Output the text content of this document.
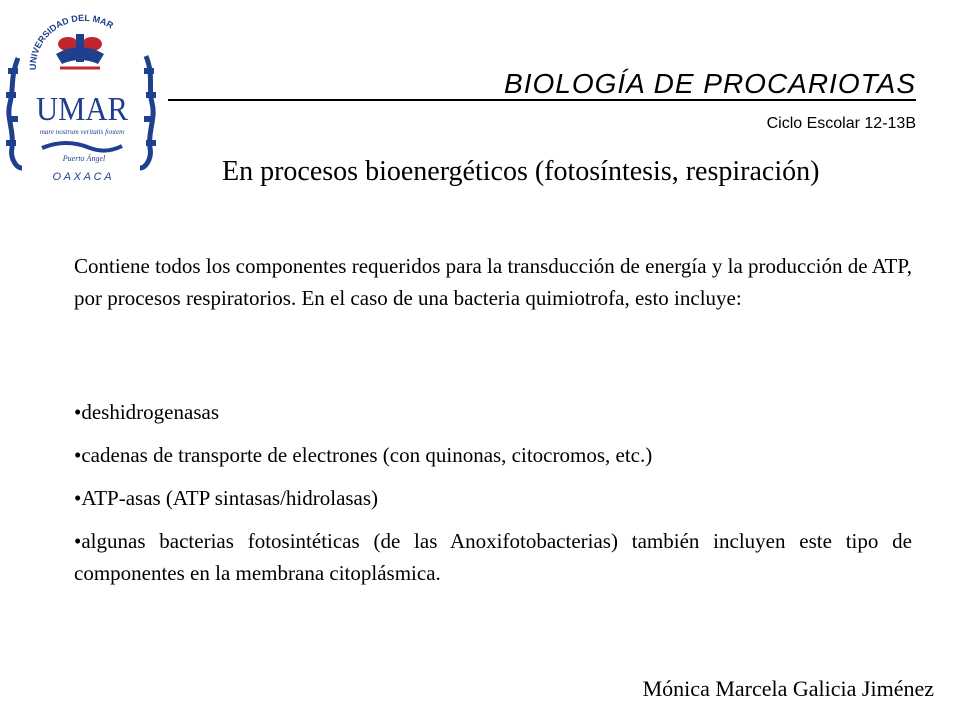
UNIVERSIDAD DEL MAR
UMAR
mare nostrum veritatis fontem
Puerto Ángel
O A X A C A
BIOLOGÍA DE PROCARIOTAS
Ciclo Escolar 12-13B
En procesos bioenergéticos (fotosíntesis, respiración)

Contiene todos los componentes requeridos para la transducción de energía y la producción de ATP, por procesos respiratorios. En el caso de una bacteria quimiotrofa, esto incluye:

•deshidrogenasas
•cadenas de transporte de electrones (con quinonas, citocromos, etc.)
•ATP-asas (ATP sintasas/hidrolasas)
•algunas bacterias fotosintéticas (de las Anoxifotobacterias) también incluyen este tipo de componentes en la membrana citoplásmica.
Mónica Marcela Galicia Jiménez
